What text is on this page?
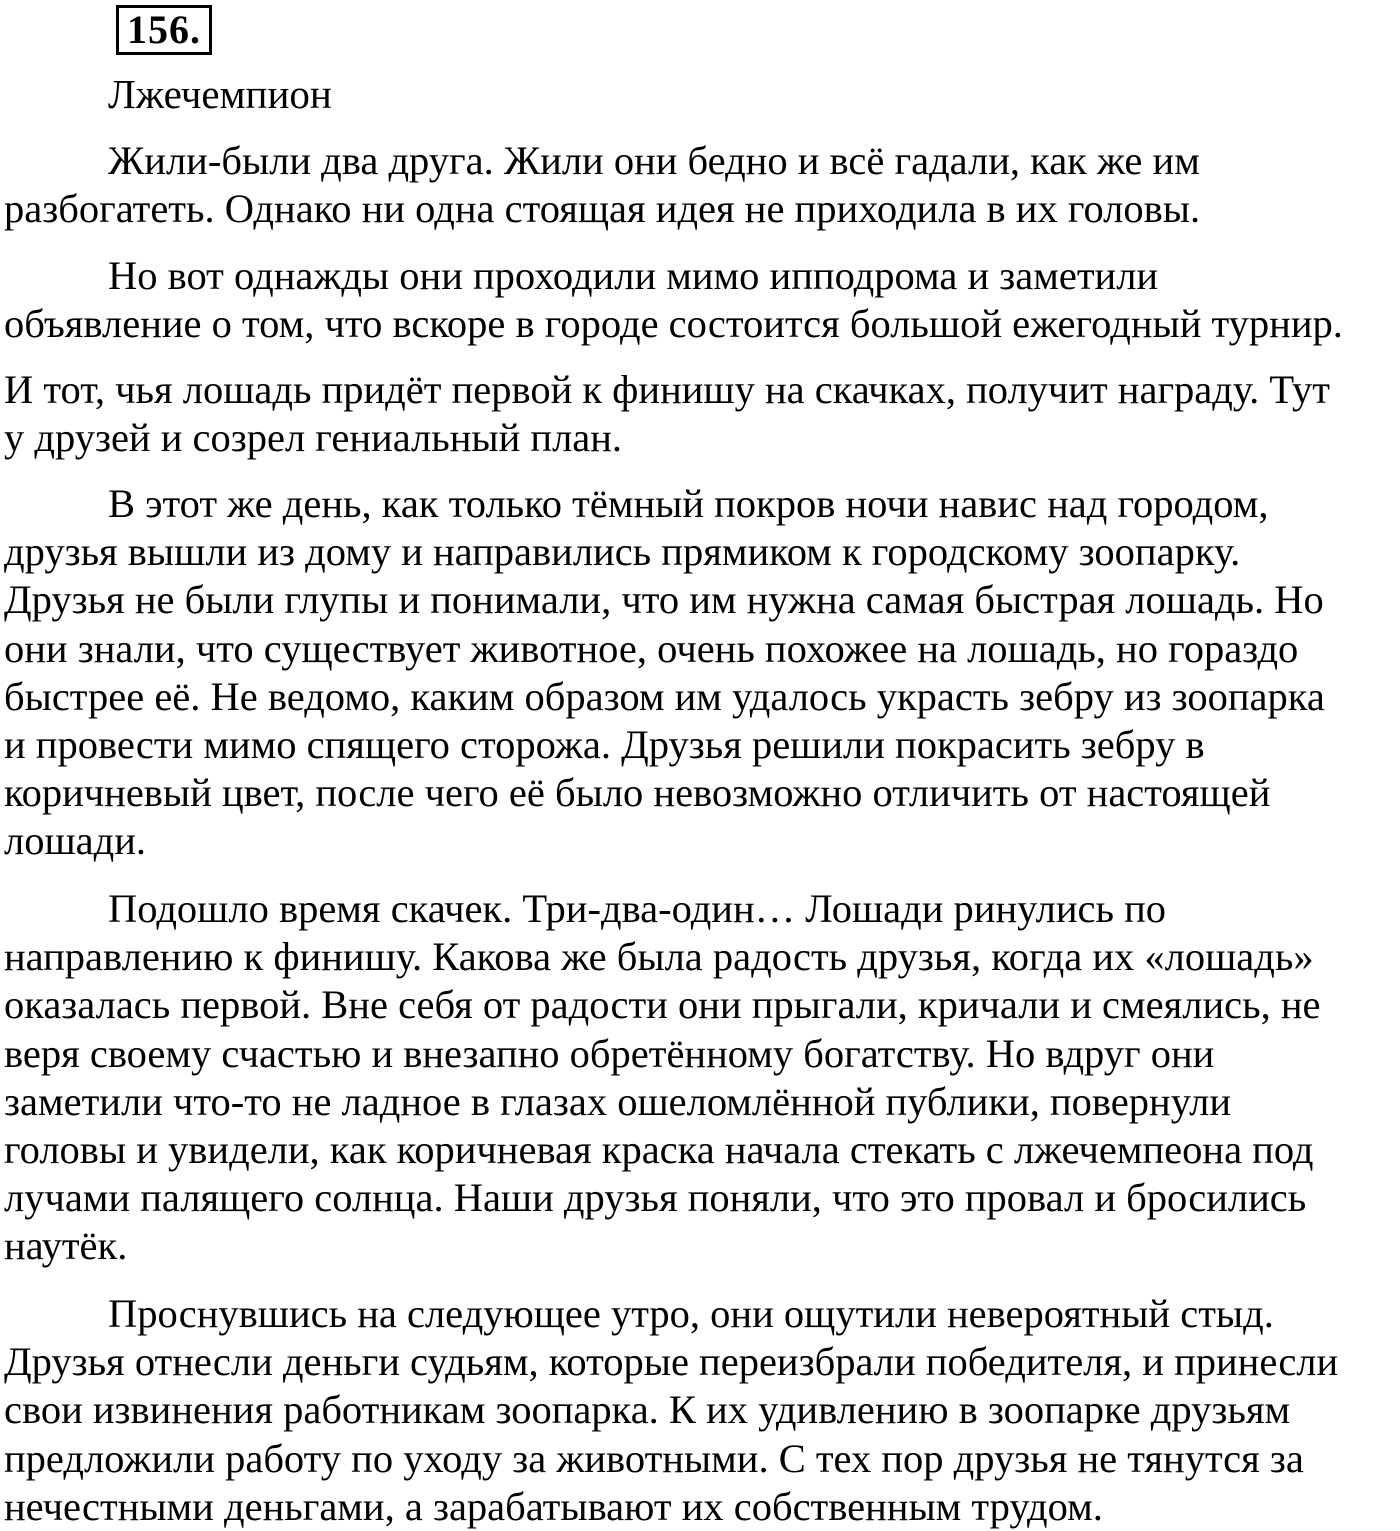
156.
Лжечемпион
Жили-были два друга. Жили они бедно и всё гадали, как же им
разбогатеть. Однако ни одна стоящая идея не приходила в их головы.
Но вот однажды они проходили мимо ипподрома и заметили
объявление о том, что вскоре в городе состоится большой ежегодный турнир.
И тот, чья лошадь придёт первой к финишу на скачках, получит награду. Тут
у друзей и созрел гениальный план.
В этот же день, как только тёмный покров ночи навис над городом,
друзья вышли из дому и направились прямиком к городскому зоопарку.
Друзья не были глупы и понимали, что им нужна самая быстрая лошадь. Но
они знали, что существует животное, очень похожее на лошадь, но гораздо
быстрее её. Не ведомо, каким образом им удалось украсть зебру из зоопарка
и провести мимо спящего сторожа. Друзья решили покрасить зебру в
коричневый цвет, после чего её было невозможно отличить от настоящей
лошади.
Подошло время скачек. Три-два-один… Лошади ринулись по
направлению к финишу. Какова же была радость друзья, когда их «лошадь»
оказалась первой. Вне себя от радости они прыгали, кричали и смеялись, не
веря своему счастью и внезапно обретённому богатству. Но вдруг они
заметили что-то не ладное в глазах ошеломлённой публики, повернули
головы и увидели, как коричневая краска начала стекать с лжечемпеона под
лучами палящего солнца. Наши друзья поняли, что это провал и бросились
наутёк.
Проснувшись на следующее утро, они ощутили невероятный стыд.
Друзья отнесли деньги судьям, которые переизбрали победителя, и принесли
свои извинения работникам зоопарка. К их удивлению в зоопарке друзьям
предложили работу по уходу за животными. С тех пор друзья не тянутся за
нечестными деньгами, а зарабатывают их собственным трудом.
